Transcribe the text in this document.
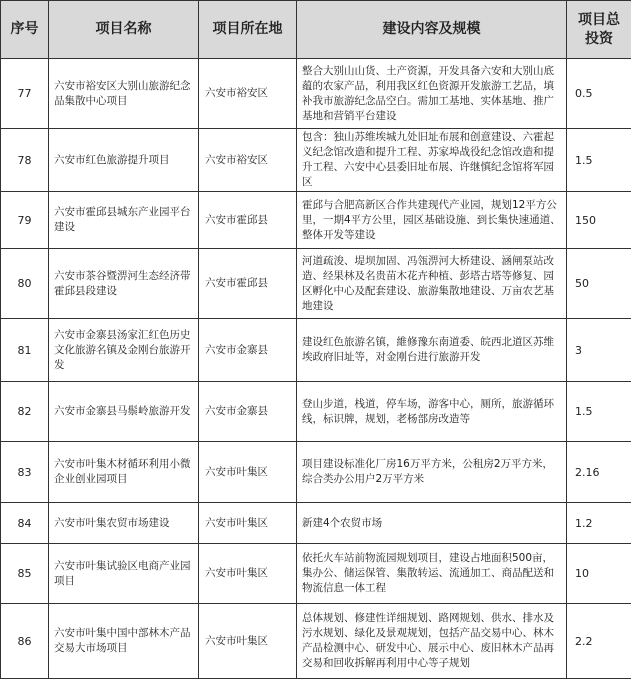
序号	项目名称	项目所在地	建设内容及规模	项目总
投资
77	六安市裕安区大别山旅游纪念品集散中心项目	六安市裕安区	整合大别山山货、土产资源，开发具备六安和大别山底蕴的农家产品，利用我区红色资源开发旅游工艺品，填补我市旅游纪念品空白。需加工基地、实体基地、推广基地和营销平台建设	0.5
78	六安市红色旅游提升项目	六安市裕安区	包含：独山苏维埃城九处旧址布展和创意建设、六霍起义纪念馆改造和提升工程、苏家埠战役纪念馆改造和提升工程、六安中心县委旧址布展、许继慎纪念馆将军园区	1.5
79	六安市霍邱县城东产业园平台建设	六安市霍邱县	霍邱与合肥高新区合作共建现代产业园，规划12平方公里，一期4平方公里，园区基础设施、到长集快速通道、整体开发等建设	150
80	六安市茶谷暨淠河生态经济带霍邱县段建设	六安市霍邱县	河道疏浚、堤坝加固、冯瓴淠河大桥建设、涵闸泵站改造、经果林及名贵苗木花卉种植、彭塔古塔等修复、园区孵化中心及配套建设、旅游集散地建设、万亩农艺基地建设	50
81	六安市金寨县汤家汇红色历史文化旅游名镇及金刚台旅游开发	六安市金寨县	建设红色旅游名镇，維修豫东南道委、皖西北道区苏维埃政府旧址等，对金刚台进行旅游开发	3
82	六安市金寨县马鬃岭旅游开发	六安市金寨县	登山步道，栈道，停车场，游客中心，厕所，旅游循环线，标识牌，规划，老杨部房改造等	1.5
83	六安市叶集木材循环利用小微企业创业园项目	六安市叶集区	项目建设标准化厂房16万平方米，公租房2万平方米，综合类办公用户2万平方米	2.16
84	六安市叶集农贸市场建设	六安市叶集区	新建4个农贸市场	1.2
85	六安市叶集试验区电商产业园项目	六安市叶集区	依托火车站前物流园规划项目，建设占地面积500亩，集办公、储运保管、集散转运、流通加工、商品配送和物流信息一体工程	10
86	六安市叶集中国中部林木产品交易大市场项目	六安市叶集区	总体规划、修建性详细规划、路网规划、供水、排水及污水规划、绿化及景观规划，包括产品交易中心、林木产品检测中心、研发中心、展示中心、废旧林木产品再交易和回收拆解再利用中心等子规划	2.2
